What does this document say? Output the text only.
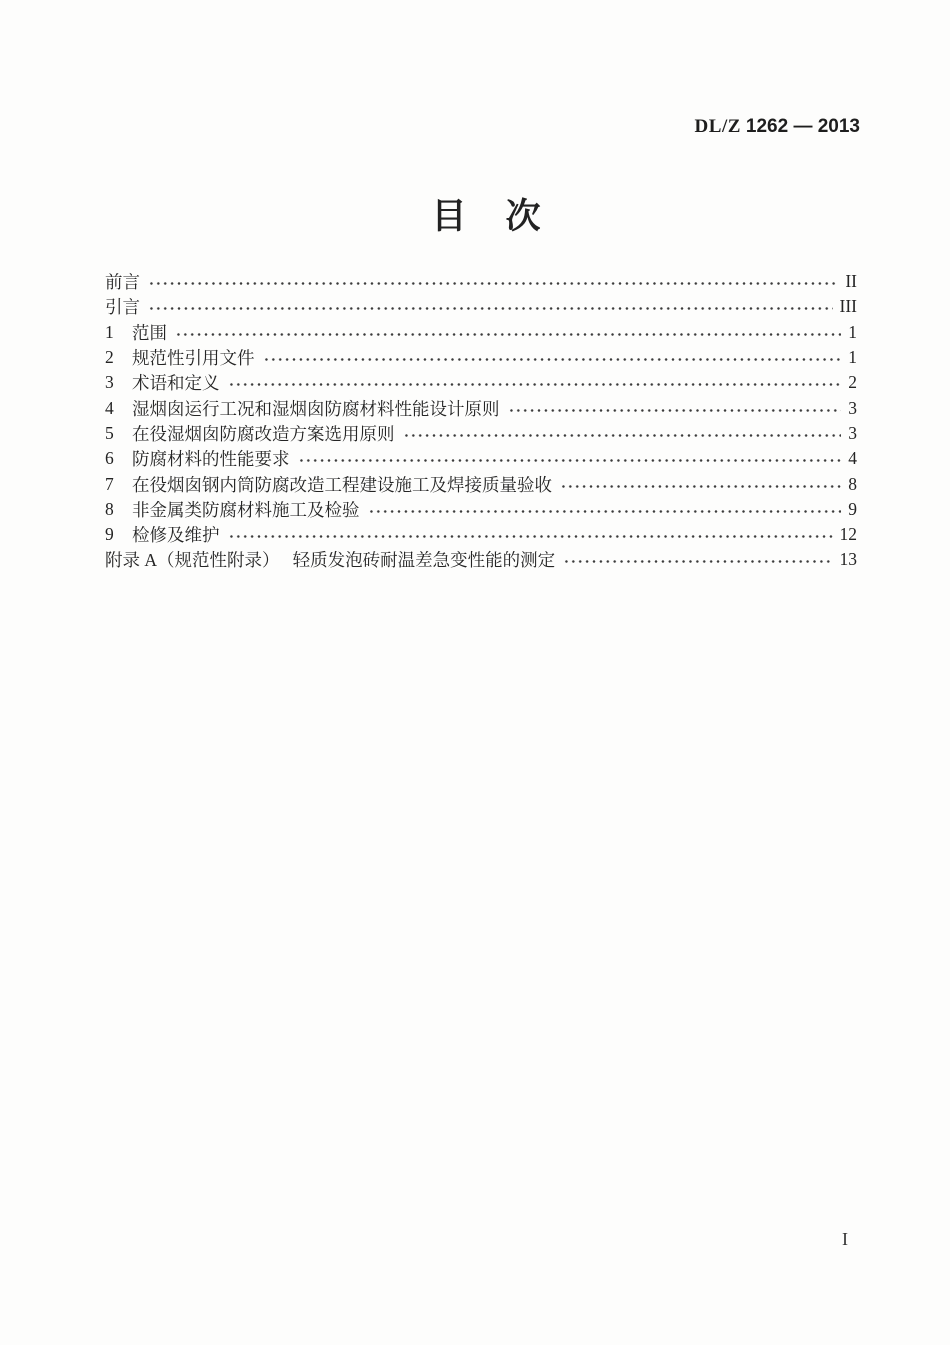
DL/Z 1262 — 2013
目　次
前言	II
引言	III
1	范围	1
2	规范性引用文件	1
3	术语和定义	2
4	湿烟囱运行工况和湿烟囱防腐材料性能设计原则	3
5	在役湿烟囱防腐改造方案选用原则	3
6	防腐材料的性能要求	4
7	在役烟囱钢内筒防腐改造工程建设施工及焊接质量验收	8
8	非金属类防腐材料施工及检验	9
9	检修及维护	12
附录 A（规范性附录）　 轻质发泡砖耐温差急变性能的测定	13
I
